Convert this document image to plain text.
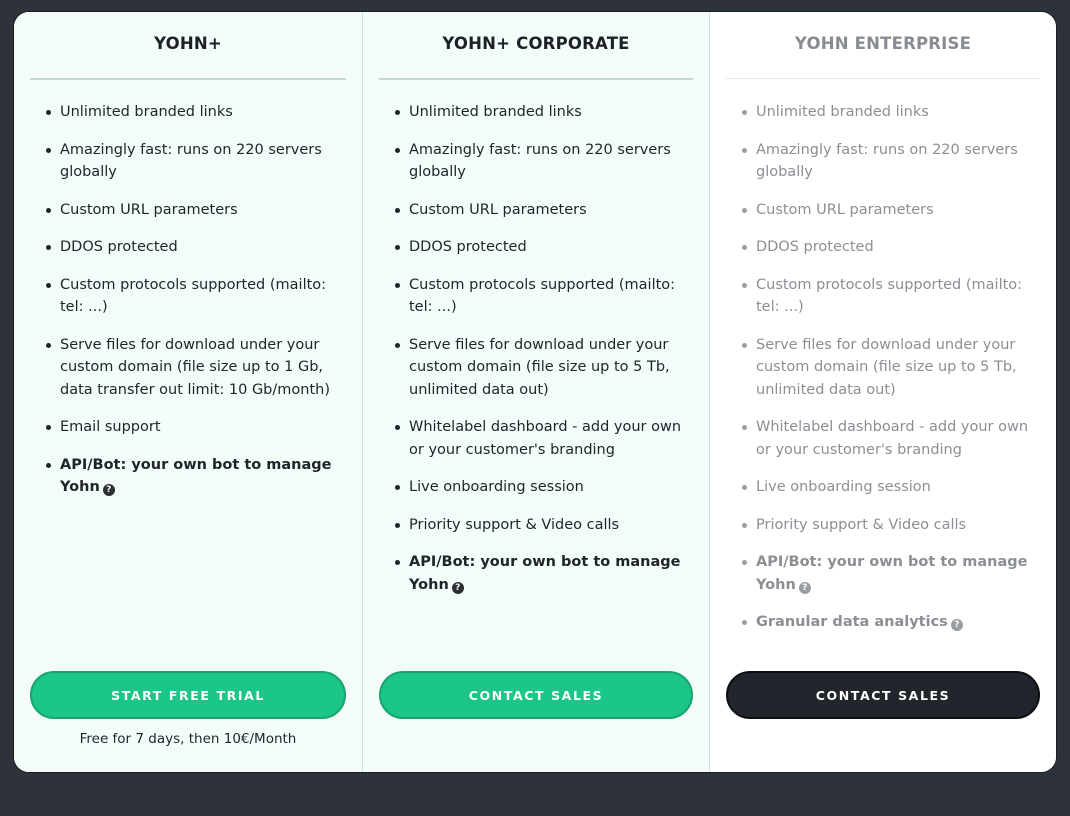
YOHN+
Unlimited branded links
Amazingly fast: runs on 220 servers globally
Custom URL parameters
DDOS protected
Custom protocols supported (mailto: tel: ...)
Serve files for download under your custom domain (file size up to 1 Gb, data transfer out limit: 10 Gb/month)
Email support
API/Bot: your own bot to manage Yohn ?
START FREE TRIAL
Free for 7 days, then 10€/Month
YOHN+ CORPORATE
Unlimited branded links
Amazingly fast: runs on 220 servers globally
Custom URL parameters
DDOS protected
Custom protocols supported (mailto: tel: ...)
Serve files for download under your custom domain (file size up to 5 Tb, unlimited data out)
Whitelabel dashboard - add your own or your customer's branding
Live onboarding session
Priority support & Video calls
API/Bot: your own bot to manage Yohn ?
CONTACT SALES
YOHN ENTERPRISE
Unlimited branded links
Amazingly fast: runs on 220 servers globally
Custom URL parameters
DDOS protected
Custom protocols supported (mailto: tel: ...)
Serve files for download under your custom domain (file size up to 5 Tb, unlimited data out)
Whitelabel dashboard - add your own or your customer's branding
Live onboarding session
Priority support & Video calls
API/Bot: your own bot to manage Yohn ?
Granular data analytics ?
CONTACT SALES
